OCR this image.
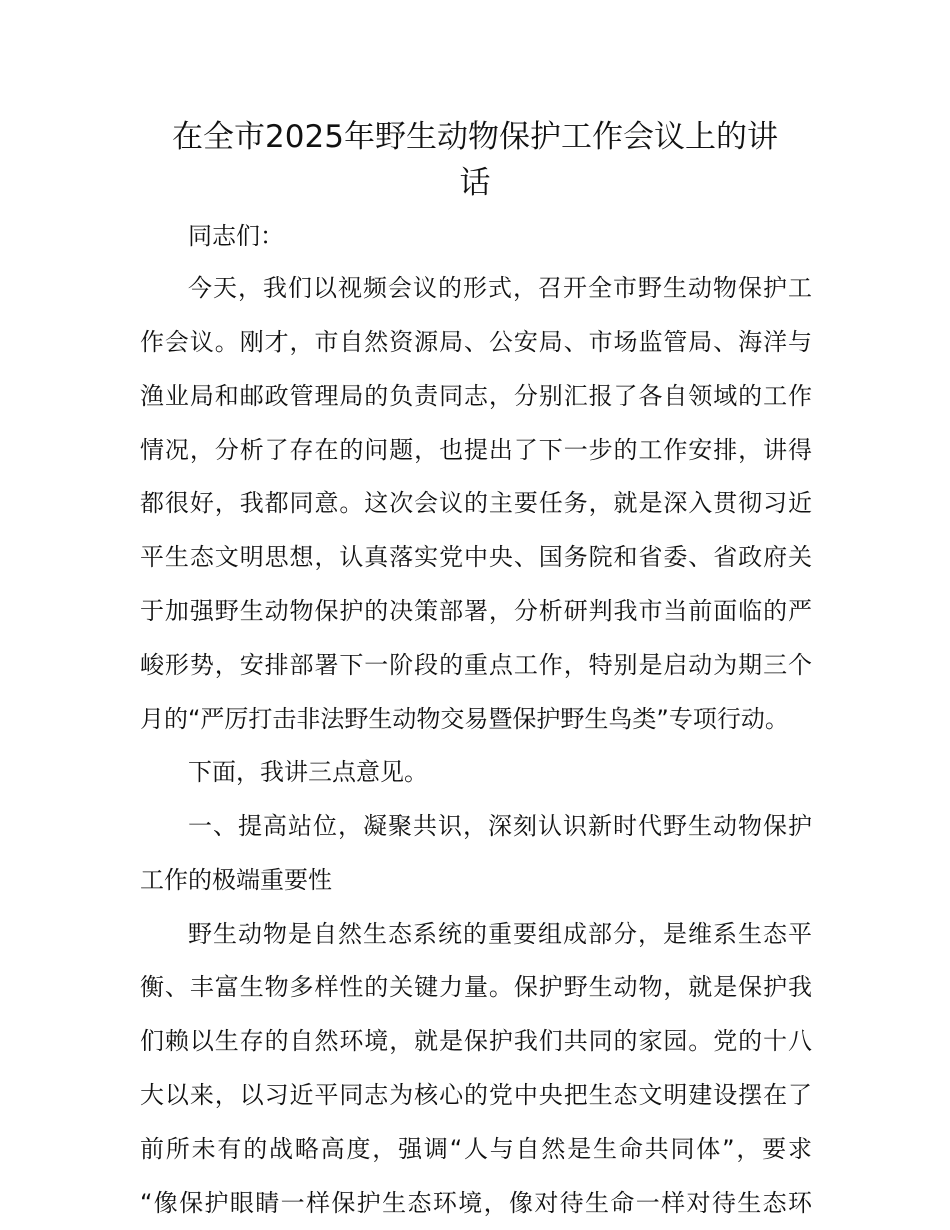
在全市2025年野生动物保护工作会议上的讲
话

同志们：

今天，我们以视频会议的形式，召开全市野生动物保护工

作会议。刚才，市自然资源局、公安局、市场监管局、海洋与

渔业局和邮政管理局的负责同志，分别汇报了各自领域的工作

情况，分析了存在的问题，也提出了下一步的工作安排，讲得

都很好，我都同意。这次会议的主要任务，就是深入贯彻习近

平生态文明思想，认真落实党中央、国务院和省委、省政府关

于加强野生动物保护的决策部署，分析研判我市当前面临的严

峻形势，安排部署下一阶段的重点工作，特别是启动为期三个

月的“严厉打击非法野生动物交易暨保护野生鸟类”专项行动。

下面，我讲三点意见。

一、提高站位，凝聚共识，深刻认识新时代野生动物保护

工作的极端重要性

野生动物是自然生态系统的重要组成部分，是维系生态平

衡、丰富生物多样性的关键力量。保护野生动物，就是保护我

们赖以生存的自然环境，就是保护我们共同的家园。党的十八

大以来，以习近平同志为核心的党中央把生态文明建设摆在了

前所未有的战略高度，强调“人与自然是生命共同体”，要求

“像保护眼睛一样保护生态环境，像对待生命一样对待生态环
